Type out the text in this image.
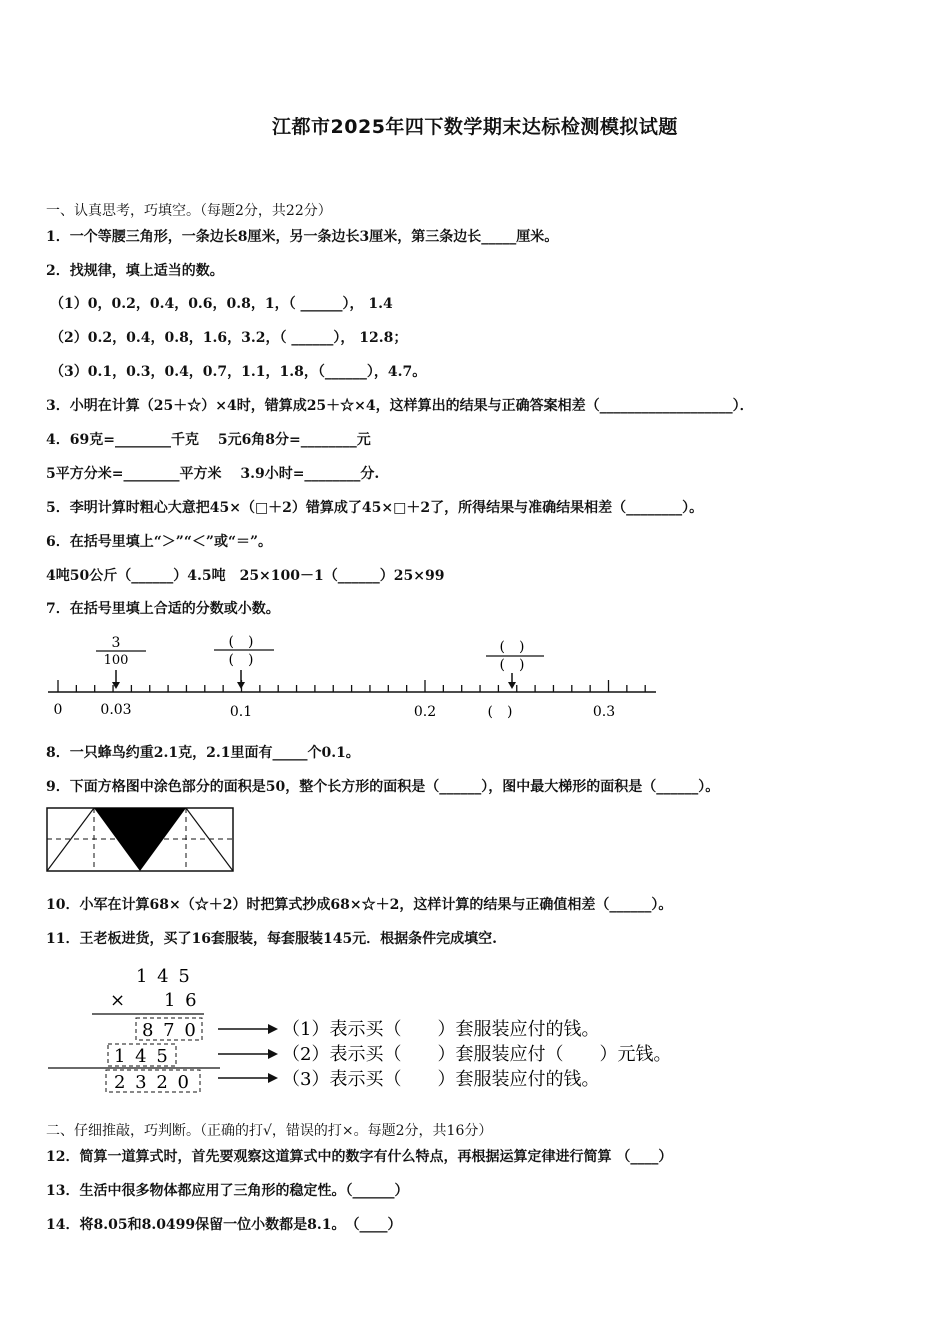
江都市2025年四下数学期末达标检测模拟试题
一、认真思考，巧填空。（每题2分，共22分）
1．一个等腰三角形，一条边长8厘米，另一条边长3厘米，第三条边长_____厘米。
2．找规律，填上适当的数。
（1）0，0.2，0.4，0.6，0.8，1，（ ______）， 1.4
（2）0.2，0.4，0.8，1.6，3.2，（ ______）， 12.8；
（3）0.1，0.3，0.4，0.7，1.1，1.8，（______），4.7。
3．小明在计算（25＋☆）×4时，错算成25＋☆×4，这样算出的结果与正确答案相差（___________________）．
4．69克=________千克　 5元6角8分=________元
5平方分米=________平方米　 3.9小时=________分.
5．李明计算时粗心大意把45×（□＋2）错算成了45×□＋2了，所得结果与准确结果相差（________）。
6．在括号里填上“＞”“＜”或“＝”。
4吨50公斤（______）4.5吨　25×100－1（______）25×99
7．在括号里填上合适的分数或小数。
3
100
(　)
(　)
(　)
(　)
0	0.03	0.1	0.2	(　)	0.3
8．一只蜂鸟约重2.1克，2.1里面有_____个0.1。
9．下面方格图中涂色部分的面积是50，整个长方形的面积是（______），图中最大梯形的面积是（______）。
10．小军在计算68×（☆＋2）时把算式抄成68×☆＋2，这样计算的结果与正确值相差（______）。
11．王老板进货，买了16套服装，每套服装145元．根据条件完成填空.
1 4 5
× 1 6
8 7 0
1 4 5
2 3 2 0
（1）表示买（　　）套服装应付的钱。
（2）表示买（　　）套服装应付（　　）元钱。
（3）表示买（　　）套服装应付的钱。
二、仔细推敲，巧判断。（正确的打√，错误的打×。每题2分，共16分）
12．简算一道算式时，首先要观察这道算式中的数字有什么特点，再根据运算定律进行简算 （____）
13．生活中很多物体都应用了三角形的稳定性。（______）
14．将8.05和8.0499保留一位小数都是8.1。　（____）
